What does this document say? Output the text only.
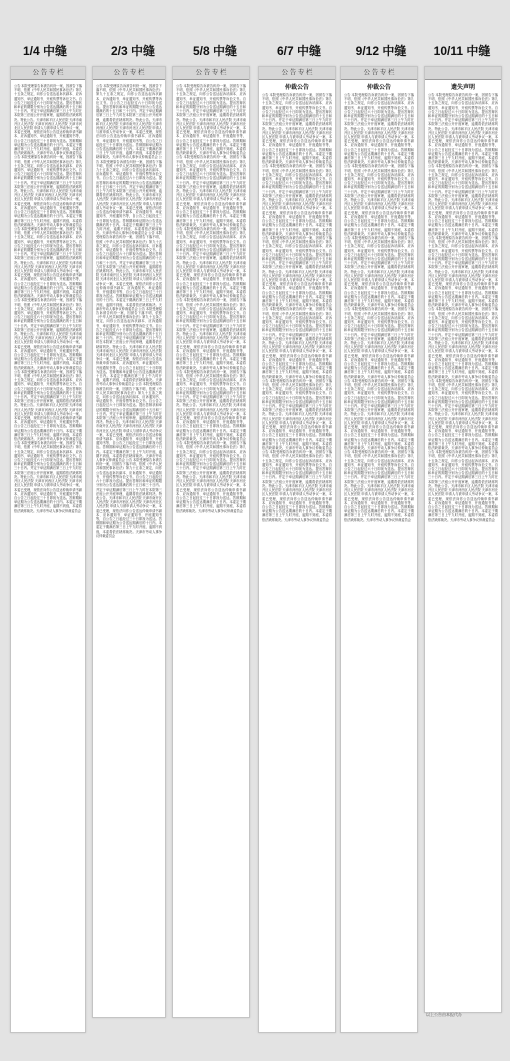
1/4 中缝	2/3 中缝	5/8 中缝	6/7 中缝	9/12 中缝	10/11 中缝
公 告 专 栏
公告 本院受理原告诉被告纠纷一案，因被告下落不明，依照《中华人民共和国民事诉讼法》第九十五条之规定，向你公告送达起诉状副本、应诉通知书、举证通知书、开庭传票等诉讼文书。自公告之日起经过六十日即视为送达。提出答辩状和举证的期限分别为公告送达期满后的十五日和三十日内。并定于举证期满后第三日上午九时在本院第三法庭公开开庭审理，逾期将依法缺席判决。特此公告。天津市和平区人民法院 天津市南开区人民法院 天津市河西区人民法院 天津市河北区人民法院 申请人与被申请人劳动争议一案，本委已受理，现依法向你公告送达仲裁申请书副本、应诉通知书、举证通知书、开庭通知书等，自公告之日起经过三十日即视为送达。答辩期和举证期为公告送达期满后的十日内。本委定于期满后第三日上午九时开庭，逾期不到庭，本委将依法缺席裁决。天津市劳动人事争议仲裁委员会 公告 本院受理原告诉被告纠纷一案，因被告下落不明，依照《中华人民共和国民事诉讼法》第九十五条之规定，向你公告送达起诉状副本、应诉通知书、举证通知书、开庭传票等诉讼文书。自公告之日起经过六十日即视为送达。提出答辩状和举证的期限分别为公告送达期满后的十五日和三十日内。并定于举证期满后第三日上午九时在本院第三法庭公开开庭审理，逾期将依法缺席判决。特此公告。天津市和平区人民法院 天津市南开区人民法院 天津市河西区人民法院 天津市河北区人民法院 申请人与被申请人劳动争议一案，本委已受理，现依法向你公告送达仲裁申请书副本、应诉通知书、举证通知书、开庭通知书等，自公告之日起经过三十日即视为送达。答辩期和举证期为公告送达期满后的十日内。本委定于期满后第三日上午九时开庭，逾期不到庭，本委将依法缺席裁决。天津市劳动人事争议仲裁委员会 公告 本院受理原告诉被告纠纷一案，因被告下落不明，依照《中华人民共和国民事诉讼法》第九十五条之规定，向你公告送达起诉状副本、应诉通知书、举证通知书、开庭传票等诉讼文书。自公告之日起经过六十日即视为送达。提出答辩状和举证的期限分别为公告送达期满后的十五日和三十日内。并定于举证期满后第三日上午九时在本院第三法庭公开开庭审理，逾期将依法缺席判决。特此公告。天津市和平区人民法院 天津市南开区人民法院 天津市河西区人民法院 天津市河北区人民法院 申请人与被申请人劳动争议一案，本委已受理，现依法向你公告送达仲裁申请书副本、应诉通知书、举证通知书、开庭通知书等，自公告之日起经过三十日即视为送达。答辩期和举证期为公告送达期满后的十日内。本委定于期满后第三日上午九时开庭，逾期不到庭，本委将依法缺席裁决。天津市劳动人事争议仲裁委员会 公告 本院受理原告诉被告纠纷一案，因被告下落不明，依照《中华人民共和国民事诉讼法》第九十五条之规定，向你公告送达起诉状副本、应诉通知书、举证通知书、开庭传票等诉讼文书。自公告之日起经过六十日即视为送达。提出答辩状和举证的期限分别为公告送达期满后的十五日和三十日内。并定于举证期满后第三日上午九时在本院第三法庭公开开庭审理，逾期将依法缺席判决。特此公告。天津市和平区人民法院 天津市南开区人民法院 天津市河西区人民法院 天津市河北区人民法院 申请人与被申请人劳动争议一案，本委已受理，现依法向你公告送达仲裁申请书副本、应诉通知书、举证通知书、开庭通知书等，自公告之日起经过三十日即视为送达。答辩期和举证期为公告送达期满后的十日内。本委定于期满后第三日上午九时开庭，逾期不到庭，本委将依法缺席裁决。天津市劳动人事争议仲裁委员会 公告 本院受理原告诉被告纠纷一案，因被告下落不明，依照《中华人民共和国民事诉讼法》第九十五条之规定，向你公告送达起诉状副本、应诉通知书、举证通知书、开庭传票等诉讼文书。自公告之日起经过六十日即视为送达。提出答辩状和举证的期限分别为公告送达期满后的十五日和三十日内。并定于举证期满后第三日上午九时在本院第三法庭公开开庭审理，逾期将依法缺席判决。特此公告。天津市和平区人民法院 天津市南开区人民法院 天津市河西区人民法院 天津市河北区人民法院 申请人与被申请人劳动争议一案，本委已受理，现依法向你公告送达仲裁申请书副本、应诉通知书、举证通知书、开庭通知书等，自公告之日起经过三十日即视为送达。答辩期和举证期为公告送达期满后的十日内。本委定于期满后第三日上午九时开庭，逾期不到庭，本委将依法缺席裁决。天津市劳动人事争议仲裁委员会 公告 本院受理原告诉被告纠纷一案，因被告下落不明，依照《中华人民共和国民事诉讼法》第九十五条之规定，向你公告送达起诉状副本、应诉通知书、举证通知书、开庭传票等诉讼文书。自公告之日起经过六十日即视为送达。提出答辩状和举证的期限分别为公告送达期满后的十五日和三十日内。并定于举证期满后第三日上午九时在本院第三法庭公开开庭审理，逾期将依法缺席判决。特此公告。天津市和平区人民法院 天津市南开区人民法院 天津市河西区人民法院 天津市河北区人民法院 申请人与被申请人劳动争议一案，本委已受理，现依法向你公告送达仲裁申请书副本、应诉通知书、举证通知书、开庭通知书等，自公告之日起经过三十日即视为送达。答辩期和举证期为公告送达期满后的十日内。本委定于期满后第三日上午九时开庭，逾期不到庭，本委将依法缺席裁决。天津市劳动人事争议仲裁委员会
公 告 专 栏
公告 本院受理原告诉被告纠纷一案，因被告下落不明，依照《中华人民共和国民事诉讼法》第九十五条之规定，向你公告送达起诉状副本、应诉通知书、举证通知书、开庭传票等诉讼文书。自公告之日起经过六十日即视为送达。提出答辩状和举证的期限分别为公告送达期满后的十五日和三十日内。并定于举证期满后第三日上午九时在本院第三法庭公开开庭审理，逾期将依法缺席判决。特此公告。天津市和平区人民法院 天津市南开区人民法院 天津市河西区人民法院 天津市河北区人民法院 申请人与被申请人劳动争议一案，本委已受理，现依法向你公告送达仲裁申请书副本、应诉通知书、举证通知书、开庭通知书等，自公告之日起经过三十日即视为送达。答辩期和举证期为公告送达期满后的十日内。本委定于期满后第三日上午九时开庭，逾期不到庭，本委将依法缺席裁决。天津市劳动人事争议仲裁委员会 公告 本院受理原告诉被告纠纷一案，因被告下落不明，依照《中华人民共和国民事诉讼法》第九十五条之规定，向你公告送达起诉状副本、应诉通知书、举证通知书、开庭传票等诉讼文书。自公告之日起经过六十日即视为送达。提出答辩状和举证的期限分别为公告送达期满后的十五日和三十日内。并定于举证期满后第三日上午九时在本院第三法庭公开开庭审理，逾期将依法缺席判决。特此公告。天津市和平区人民法院 天津市南开区人民法院 天津市河西区人民法院 天津市河北区人民法院 申请人与被申请人劳动争议一案，本委已受理，现依法向你公告送达仲裁申请书副本、应诉通知书、举证通知书、开庭通知书等，自公告之日起经过三十日即视为送达。答辩期和举证期为公告送达期满后的十日内。本委定于期满后第三日上午九时开庭，逾期不到庭，本委将依法缺席裁决。天津市劳动人事争议仲裁委员会 公告 本院受理原告诉被告纠纷一案，因被告下落不明，依照《中华人民共和国民事诉讼法》第九十五条之规定，向你公告送达起诉状副本、应诉通知书、举证通知书、开庭传票等诉讼文书。自公告之日起经过六十日即视为送达。提出答辩状和举证的期限分别为公告送达期满后的十五日和三十日内。并定于举证期满后第三日上午九时在本院第三法庭公开开庭审理，逾期将依法缺席判决。特此公告。天津市和平区人民法院 天津市南开区人民法院 天津市河西区人民法院 天津市河北区人民法院 申请人与被申请人劳动争议一案，本委已受理，现依法向你公告送达仲裁申请书副本、应诉通知书、举证通知书、开庭通知书等，自公告之日起经过三十日即视为送达。答辩期和举证期为公告送达期满后的十日内。本委定于期满后第三日上午九时开庭，逾期不到庭，本委将依法缺席裁决。天津市劳动人事争议仲裁委员会 公告 本院受理原告诉被告纠纷一案，因被告下落不明，依照《中华人民共和国民事诉讼法》第九十五条之规定，向你公告送达起诉状副本、应诉通知书、举证通知书、开庭传票等诉讼文书。自公告之日起经过六十日即视为送达。提出答辩状和举证的期限分别为公告送达期满后的十五日和三十日内。并定于举证期满后第三日上午九时在本院第三法庭公开开庭审理，逾期将依法缺席判决。特此公告。天津市和平区人民法院 天津市南开区人民法院 天津市河西区人民法院 天津市河北区人民法院 申请人与被申请人劳动争议一案，本委已受理，现依法向你公告送达仲裁申请书副本、应诉通知书、举证通知书、开庭通知书等，自公告之日起经过三十日即视为送达。答辩期和举证期为公告送达期满后的十日内。本委定于期满后第三日上午九时开庭，逾期不到庭，本委将依法缺席裁决。天津市劳动人事争议仲裁委员会 公告 本院受理原告诉被告纠纷一案，因被告下落不明，依照《中华人民共和国民事诉讼法》第九十五条之规定，向你公告送达起诉状副本、应诉通知书、举证通知书、开庭传票等诉讼文书。自公告之日起经过六十日即视为送达。提出答辩状和举证的期限分别为公告送达期满后的十五日和三十日内。并定于举证期满后第三日上午九时在本院第三法庭公开开庭审理，逾期将依法缺席判决。特此公告。天津市和平区人民法院 天津市南开区人民法院 天津市河西区人民法院 天津市河北区人民法院 申请人与被申请人劳动争议一案，本委已受理，现依法向你公告送达仲裁申请书副本、应诉通知书、举证通知书、开庭通知书等，自公告之日起经过三十日即视为送达。答辩期和举证期为公告送达期满后的十日内。本委定于期满后第三日上午九时开庭，逾期不到庭，本委将依法缺席裁决。天津市劳动人事争议仲裁委员会 公告 本院受理原告诉被告纠纷一案，因被告下落不明，依照《中华人民共和国民事诉讼法》第九十五条之规定，向你公告送达起诉状副本、应诉通知书、举证通知书、开庭传票等诉讼文书。自公告之日起经过六十日即视为送达。提出答辩状和举证的期限分别为公告送达期满后的十五日和三十日内。并定于举证期满后第三日上午九时在本院第三法庭公开开庭审理，逾期将依法缺席判决。特此公告。天津市和平区人民法院 天津市南开区人民法院 天津市河西区人民法院 天津市河北区人民法院 申请人与被申请人劳动争议一案，本委已受理，现依法向你公告送达仲裁申请书副本、应诉通知书、举证通知书、开庭通知书等，自公告之日起经过三十日即视为送达。答辩期和举证期为公告送达期满后的十日内。本委定于期满后第三日上午九时开庭，逾期不到庭，本委将依法缺席裁决。天津市劳动人事争议仲裁委员会
公 告 专 栏
公告 本院受理原告诉被告纠纷一案，因被告下落不明，依照《中华人民共和国民事诉讼法》第九十五条之规定，向你公告送达起诉状副本、应诉通知书、举证通知书、开庭传票等诉讼文书。自公告之日起经过六十日即视为送达。提出答辩状和举证的期限分别为公告送达期满后的十五日和三十日内。并定于举证期满后第三日上午九时在本院第三法庭公开开庭审理，逾期将依法缺席判决。特此公告。天津市和平区人民法院 天津市南开区人民法院 天津市河西区人民法院 天津市河北区人民法院 申请人与被申请人劳动争议一案，本委已受理，现依法向你公告送达仲裁申请书副本、应诉通知书、举证通知书、开庭通知书等，自公告之日起经过三十日即视为送达。答辩期和举证期为公告送达期满后的十日内。本委定于期满后第三日上午九时开庭，逾期不到庭，本委将依法缺席裁决。天津市劳动人事争议仲裁委员会 公告 本院受理原告诉被告纠纷一案，因被告下落不明，依照《中华人民共和国民事诉讼法》第九十五条之规定，向你公告送达起诉状副本、应诉通知书、举证通知书、开庭传票等诉讼文书。自公告之日起经过六十日即视为送达。提出答辩状和举证的期限分别为公告送达期满后的十五日和三十日内。并定于举证期满后第三日上午九时在本院第三法庭公开开庭审理，逾期将依法缺席判决。特此公告。天津市和平区人民法院 天津市南开区人民法院 天津市河西区人民法院 天津市河北区人民法院 申请人与被申请人劳动争议一案，本委已受理，现依法向你公告送达仲裁申请书副本、应诉通知书、举证通知书、开庭通知书等，自公告之日起经过三十日即视为送达。答辩期和举证期为公告送达期满后的十日内。本委定于期满后第三日上午九时开庭，逾期不到庭，本委将依法缺席裁决。天津市劳动人事争议仲裁委员会 公告 本院受理原告诉被告纠纷一案，因被告下落不明，依照《中华人民共和国民事诉讼法》第九十五条之规定，向你公告送达起诉状副本、应诉通知书、举证通知书、开庭传票等诉讼文书。自公告之日起经过六十日即视为送达。提出答辩状和举证的期限分别为公告送达期满后的十五日和三十日内。并定于举证期满后第三日上午九时在本院第三法庭公开开庭审理，逾期将依法缺席判决。特此公告。天津市和平区人民法院 天津市南开区人民法院 天津市河西区人民法院 天津市河北区人民法院 申请人与被申请人劳动争议一案，本委已受理，现依法向你公告送达仲裁申请书副本、应诉通知书、举证通知书、开庭通知书等，自公告之日起经过三十日即视为送达。答辩期和举证期为公告送达期满后的十日内。本委定于期满后第三日上午九时开庭，逾期不到庭，本委将依法缺席裁决。天津市劳动人事争议仲裁委员会 公告 本院受理原告诉被告纠纷一案，因被告下落不明，依照《中华人民共和国民事诉讼法》第九十五条之规定，向你公告送达起诉状副本、应诉通知书、举证通知书、开庭传票等诉讼文书。自公告之日起经过六十日即视为送达。提出答辩状和举证的期限分别为公告送达期满后的十五日和三十日内。并定于举证期满后第三日上午九时在本院第三法庭公开开庭审理，逾期将依法缺席判决。特此公告。天津市和平区人民法院 天津市南开区人民法院 天津市河西区人民法院 天津市河北区人民法院 申请人与被申请人劳动争议一案，本委已受理，现依法向你公告送达仲裁申请书副本、应诉通知书、举证通知书、开庭通知书等，自公告之日起经过三十日即视为送达。答辩期和举证期为公告送达期满后的十日内。本委定于期满后第三日上午九时开庭，逾期不到庭，本委将依法缺席裁决。天津市劳动人事争议仲裁委员会 公告 本院受理原告诉被告纠纷一案，因被告下落不明，依照《中华人民共和国民事诉讼法》第九十五条之规定，向你公告送达起诉状副本、应诉通知书、举证通知书、开庭传票等诉讼文书。自公告之日起经过六十日即视为送达。提出答辩状和举证的期限分别为公告送达期满后的十五日和三十日内。并定于举证期满后第三日上午九时在本院第三法庭公开开庭审理，逾期将依法缺席判决。特此公告。天津市和平区人民法院 天津市南开区人民法院 天津市河西区人民法院 天津市河北区人民法院 申请人与被申请人劳动争议一案，本委已受理，现依法向你公告送达仲裁申请书副本、应诉通知书、举证通知书、开庭通知书等，自公告之日起经过三十日即视为送达。答辩期和举证期为公告送达期满后的十日内。本委定于期满后第三日上午九时开庭，逾期不到庭，本委将依法缺席裁决。天津市劳动人事争议仲裁委员会 公告 本院受理原告诉被告纠纷一案，因被告下落不明，依照《中华人民共和国民事诉讼法》第九十五条之规定，向你公告送达起诉状副本、应诉通知书、举证通知书、开庭传票等诉讼文书。自公告之日起经过六十日即视为送达。提出答辩状和举证的期限分别为公告送达期满后的十五日和三十日内。并定于举证期满后第三日上午九时在本院第三法庭公开开庭审理，逾期将依法缺席判决。特此公告。天津市和平区人民法院 天津市南开区人民法院 天津市河西区人民法院 天津市河北区人民法院 申请人与被申请人劳动争议一案，本委已受理，现依法向你公告送达仲裁申请书副本、应诉通知书、举证通知书、开庭通知书等，自公告之日起经过三十日即视为送达。答辩期和举证期为公告送达期满后的十日内。本委定于期满后第三日上午九时开庭，逾期不到庭，本委将依法缺席裁决。天津市劳动人事争议仲裁委员会
公 告 专 栏
仲裁公告
公告 本院受理原告诉被告纠纷一案，因被告下落不明，依照《中华人民共和国民事诉讼法》第九十五条之规定，向你公告送达起诉状副本、应诉通知书、举证通知书、开庭传票等诉讼文书。自公告之日起经过六十日即视为送达。提出答辩状和举证的期限分别为公告送达期满后的十五日和三十日内。并定于举证期满后第三日上午九时在本院第三法庭公开开庭审理，逾期将依法缺席判决。特此公告。天津市和平区人民法院 天津市南开区人民法院 天津市河西区人民法院 天津市河北区人民法院 申请人与被申请人劳动争议一案，本委已受理，现依法向你公告送达仲裁申请书副本、应诉通知书、举证通知书、开庭通知书等，自公告之日起经过三十日即视为送达。答辩期和举证期为公告送达期满后的十日内。本委定于期满后第三日上午九时开庭，逾期不到庭，本委将依法缺席裁决。天津市劳动人事争议仲裁委员会 公告 本院受理原告诉被告纠纷一案，因被告下落不明，依照《中华人民共和国民事诉讼法》第九十五条之规定，向你公告送达起诉状副本、应诉通知书、举证通知书、开庭传票等诉讼文书。自公告之日起经过六十日即视为送达。提出答辩状和举证的期限分别为公告送达期满后的十五日和三十日内。并定于举证期满后第三日上午九时在本院第三法庭公开开庭审理，逾期将依法缺席判决。特此公告。天津市和平区人民法院 天津市南开区人民法院 天津市河西区人民法院 天津市河北区人民法院 申请人与被申请人劳动争议一案，本委已受理，现依法向你公告送达仲裁申请书副本、应诉通知书、举证通知书、开庭通知书等，自公告之日起经过三十日即视为送达。答辩期和举证期为公告送达期满后的十日内。本委定于期满后第三日上午九时开庭，逾期不到庭，本委将依法缺席裁决。天津市劳动人事争议仲裁委员会 公告 本院受理原告诉被告纠纷一案，因被告下落不明，依照《中华人民共和国民事诉讼法》第九十五条之规定，向你公告送达起诉状副本、应诉通知书、举证通知书、开庭传票等诉讼文书。自公告之日起经过六十日即视为送达。提出答辩状和举证的期限分别为公告送达期满后的十五日和三十日内。并定于举证期满后第三日上午九时在本院第三法庭公开开庭审理，逾期将依法缺席判决。特此公告。天津市和平区人民法院 天津市南开区人民法院 天津市河西区人民法院 天津市河北区人民法院 申请人与被申请人劳动争议一案，本委已受理，现依法向你公告送达仲裁申请书副本、应诉通知书、举证通知书、开庭通知书等，自公告之日起经过三十日即视为送达。答辩期和举证期为公告送达期满后的十日内。本委定于期满后第三日上午九时开庭，逾期不到庭，本委将依法缺席裁决。天津市劳动人事争议仲裁委员会 公告 本院受理原告诉被告纠纷一案，因被告下落不明，依照《中华人民共和国民事诉讼法》第九十五条之规定，向你公告送达起诉状副本、应诉通知书、举证通知书、开庭传票等诉讼文书。自公告之日起经过六十日即视为送达。提出答辩状和举证的期限分别为公告送达期满后的十五日和三十日内。并定于举证期满后第三日上午九时在本院第三法庭公开开庭审理，逾期将依法缺席判决。特此公告。天津市和平区人民法院 天津市南开区人民法院 天津市河西区人民法院 天津市河北区人民法院 申请人与被申请人劳动争议一案，本委已受理，现依法向你公告送达仲裁申请书副本、应诉通知书、举证通知书、开庭通知书等，自公告之日起经过三十日即视为送达。答辩期和举证期为公告送达期满后的十日内。本委定于期满后第三日上午九时开庭，逾期不到庭，本委将依法缺席裁决。天津市劳动人事争议仲裁委员会 公告 本院受理原告诉被告纠纷一案，因被告下落不明，依照《中华人民共和国民事诉讼法》第九十五条之规定，向你公告送达起诉状副本、应诉通知书、举证通知书、开庭传票等诉讼文书。自公告之日起经过六十日即视为送达。提出答辩状和举证的期限分别为公告送达期满后的十五日和三十日内。并定于举证期满后第三日上午九时在本院第三法庭公开开庭审理，逾期将依法缺席判决。特此公告。天津市和平区人民法院 天津市南开区人民法院 天津市河西区人民法院 天津市河北区人民法院 申请人与被申请人劳动争议一案，本委已受理，现依法向你公告送达仲裁申请书副本、应诉通知书、举证通知书、开庭通知书等，自公告之日起经过三十日即视为送达。答辩期和举证期为公告送达期满后的十日内。本委定于期满后第三日上午九时开庭，逾期不到庭，本委将依法缺席裁决。天津市劳动人事争议仲裁委员会 公告 本院受理原告诉被告纠纷一案，因被告下落不明，依照《中华人民共和国民事诉讼法》第九十五条之规定，向你公告送达起诉状副本、应诉通知书、举证通知书、开庭传票等诉讼文书。自公告之日起经过六十日即视为送达。提出答辩状和举证的期限分别为公告送达期满后的十五日和三十日内。并定于举证期满后第三日上午九时在本院第三法庭公开开庭审理，逾期将依法缺席判决。特此公告。天津市和平区人民法院 天津市南开区人民法院 天津市河西区人民法院 天津市河北区人民法院 申请人与被申请人劳动争议一案，本委已受理，现依法向你公告送达仲裁申请书副本、应诉通知书、举证通知书、开庭通知书等，自公告之日起经过三十日即视为送达。答辩期和举证期为公告送达期满后的十日内。本委定于期满后第三日上午九时开庭，逾期不到庭，本委将依法缺席裁决。天津市劳动人事争议仲裁委员会
公 告 专 栏
仲裁公告
公告 本院受理原告诉被告纠纷一案，因被告下落不明，依照《中华人民共和国民事诉讼法》第九十五条之规定，向你公告送达起诉状副本、应诉通知书、举证通知书、开庭传票等诉讼文书。自公告之日起经过六十日即视为送达。提出答辩状和举证的期限分别为公告送达期满后的十五日和三十日内。并定于举证期满后第三日上午九时在本院第三法庭公开开庭审理，逾期将依法缺席判决。特此公告。天津市和平区人民法院 天津市南开区人民法院 天津市河西区人民法院 天津市河北区人民法院 申请人与被申请人劳动争议一案，本委已受理，现依法向你公告送达仲裁申请书副本、应诉通知书、举证通知书、开庭通知书等，自公告之日起经过三十日即视为送达。答辩期和举证期为公告送达期满后的十日内。本委定于期满后第三日上午九时开庭，逾期不到庭，本委将依法缺席裁决。天津市劳动人事争议仲裁委员会 公告 本院受理原告诉被告纠纷一案，因被告下落不明，依照《中华人民共和国民事诉讼法》第九十五条之规定，向你公告送达起诉状副本、应诉通知书、举证通知书、开庭传票等诉讼文书。自公告之日起经过六十日即视为送达。提出答辩状和举证的期限分别为公告送达期满后的十五日和三十日内。并定于举证期满后第三日上午九时在本院第三法庭公开开庭审理，逾期将依法缺席判决。特此公告。天津市和平区人民法院 天津市南开区人民法院 天津市河西区人民法院 天津市河北区人民法院 申请人与被申请人劳动争议一案，本委已受理，现依法向你公告送达仲裁申请书副本、应诉通知书、举证通知书、开庭通知书等，自公告之日起经过三十日即视为送达。答辩期和举证期为公告送达期满后的十日内。本委定于期满后第三日上午九时开庭，逾期不到庭，本委将依法缺席裁决。天津市劳动人事争议仲裁委员会 公告 本院受理原告诉被告纠纷一案，因被告下落不明，依照《中华人民共和国民事诉讼法》第九十五条之规定，向你公告送达起诉状副本、应诉通知书、举证通知书、开庭传票等诉讼文书。自公告之日起经过六十日即视为送达。提出答辩状和举证的期限分别为公告送达期满后的十五日和三十日内。并定于举证期满后第三日上午九时在本院第三法庭公开开庭审理，逾期将依法缺席判决。特此公告。天津市和平区人民法院 天津市南开区人民法院 天津市河西区人民法院 天津市河北区人民法院 申请人与被申请人劳动争议一案，本委已受理，现依法向你公告送达仲裁申请书副本、应诉通知书、举证通知书、开庭通知书等，自公告之日起经过三十日即视为送达。答辩期和举证期为公告送达期满后的十日内。本委定于期满后第三日上午九时开庭，逾期不到庭，本委将依法缺席裁决。天津市劳动人事争议仲裁委员会 公告 本院受理原告诉被告纠纷一案，因被告下落不明，依照《中华人民共和国民事诉讼法》第九十五条之规定，向你公告送达起诉状副本、应诉通知书、举证通知书、开庭传票等诉讼文书。自公告之日起经过六十日即视为送达。提出答辩状和举证的期限分别为公告送达期满后的十五日和三十日内。并定于举证期满后第三日上午九时在本院第三法庭公开开庭审理，逾期将依法缺席判决。特此公告。天津市和平区人民法院 天津市南开区人民法院 天津市河西区人民法院 天津市河北区人民法院 申请人与被申请人劳动争议一案，本委已受理，现依法向你公告送达仲裁申请书副本、应诉通知书、举证通知书、开庭通知书等，自公告之日起经过三十日即视为送达。答辩期和举证期为公告送达期满后的十日内。本委定于期满后第三日上午九时开庭，逾期不到庭，本委将依法缺席裁决。天津市劳动人事争议仲裁委员会 公告 本院受理原告诉被告纠纷一案，因被告下落不明，依照《中华人民共和国民事诉讼法》第九十五条之规定，向你公告送达起诉状副本、应诉通知书、举证通知书、开庭传票等诉讼文书。自公告之日起经过六十日即视为送达。提出答辩状和举证的期限分别为公告送达期满后的十五日和三十日内。并定于举证期满后第三日上午九时在本院第三法庭公开开庭审理，逾期将依法缺席判决。特此公告。天津市和平区人民法院 天津市南开区人民法院 天津市河西区人民法院 天津市河北区人民法院 申请人与被申请人劳动争议一案，本委已受理，现依法向你公告送达仲裁申请书副本、应诉通知书、举证通知书、开庭通知书等，自公告之日起经过三十日即视为送达。答辩期和举证期为公告送达期满后的十日内。本委定于期满后第三日上午九时开庭，逾期不到庭，本委将依法缺席裁决。天津市劳动人事争议仲裁委员会 公告 本院受理原告诉被告纠纷一案，因被告下落不明，依照《中华人民共和国民事诉讼法》第九十五条之规定，向你公告送达起诉状副本、应诉通知书、举证通知书、开庭传票等诉讼文书。自公告之日起经过六十日即视为送达。提出答辩状和举证的期限分别为公告送达期满后的十五日和三十日内。并定于举证期满后第三日上午九时在本院第三法庭公开开庭审理，逾期将依法缺席判决。特此公告。天津市和平区人民法院 天津市南开区人民法院 天津市河西区人民法院 天津市河北区人民法院 申请人与被申请人劳动争议一案，本委已受理，现依法向你公告送达仲裁申请书副本、应诉通知书、举证通知书、开庭通知书等，自公告之日起经过三十日即视为送达。答辩期和举证期为公告送达期满后的十日内。本委定于期满后第三日上午九时开庭，逾期不到庭，本委将依法缺席裁决。天津市劳动人事争议仲裁委员会
遗失声明
公告 本院受理原告诉被告纠纷一案，因被告下落不明，依照《中华人民共和国民事诉讼法》第九十五条之规定，向你公告送达起诉状副本、应诉通知书、举证通知书、开庭传票等诉讼文书。自公告之日起经过六十日即视为送达。提出答辩状和举证的期限分别为公告送达期满后的十五日和三十日内。并定于举证期满后第三日上午九时在本院第三法庭公开开庭审理，逾期将依法缺席判决。特此公告。天津市和平区人民法院 天津市南开区人民法院 天津市河西区人民法院 天津市河北区人民法院 申请人与被申请人劳动争议一案，本委已受理，现依法向你公告送达仲裁申请书副本、应诉通知书、举证通知书、开庭通知书等，自公告之日起经过三十日即视为送达。答辩期和举证期为公告送达期满后的十日内。本委定于期满后第三日上午九时开庭，逾期不到庭，本委将依法缺席裁决。天津市劳动人事争议仲裁委员会 公告 本院受理原告诉被告纠纷一案，因被告下落不明，依照《中华人民共和国民事诉讼法》第九十五条之规定，向你公告送达起诉状副本、应诉通知书、举证通知书、开庭传票等诉讼文书。自公告之日起经过六十日即视为送达。提出答辩状和举证的期限分别为公告送达期满后的十五日和三十日内。并定于举证期满后第三日上午九时在本院第三法庭公开开庭审理，逾期将依法缺席判决。特此公告。天津市和平区人民法院 天津市南开区人民法院 天津市河西区人民法院 天津市河北区人民法院 申请人与被申请人劳动争议一案，本委已受理，现依法向你公告送达仲裁申请书副本、应诉通知书、举证通知书、开庭通知书等，自公告之日起经过三十日即视为送达。答辩期和举证期为公告送达期满后的十日内。本委定于期满后第三日上午九时开庭，逾期不到庭，本委将依法缺席裁决。天津市劳动人事争议仲裁委员会 公告 本院受理原告诉被告纠纷一案，因被告下落不明，依照《中华人民共和国民事诉讼法》第九十五条之规定，向你公告送达起诉状副本、应诉通知书、举证通知书、开庭传票等诉讼文书。自公告之日起经过六十日即视为送达。提出答辩状和举证的期限分别为公告送达期满后的十五日和三十日内。并定于举证期满后第三日上午九时在本院第三法庭公开开庭审理，逾期将依法缺席判决。特此公告。天津市和平区人民法院 天津市南开区人民法院 天津市河西区人民法院 天津市河北区人民法院 申请人与被申请人劳动争议一案，本委已受理，现依法向你公告送达仲裁申请书副本、应诉通知书、举证通知书、开庭通知书等，自公告之日起经过三十日即视为送达。答辩期和举证期为公告送达期满后的十日内。本委定于期满后第三日上午九时开庭，逾期不到庭，本委将依法缺席裁决。天津市劳动人事争议仲裁委员会 公告 本院受理原告诉被告纠纷一案，因被告下落不明，依照《中华人民共和国民事诉讼法》第九十五条之规定，向你公告送达起诉状副本、应诉通知书、举证通知书、开庭传票等诉讼文书。自公告之日起经过六十日即视为送达。提出答辩状和举证的期限分别为公告送达期满后的十五日和三十日内。并定于举证期满后第三日上午九时在本院第三法庭公开开庭审理，逾期将依法缺席判决。特此公告。天津市和平区人民法院 天津市南开区人民法院 天津市河西区人民法院 天津市河北区人民法院 申请人与被申请人劳动争议一案，本委已受理，现依法向你公告送达仲裁申请书副本、应诉通知书、举证通知书、开庭通知书等，自公告之日起经过三十日即视为送达。答辩期和举证期为公告送达期满后的十日内。本委定于期满后第三日上午九时开庭，逾期不到庭，本委将依法缺席裁决。天津市劳动人事争议仲裁委员会 公告 本院受理原告诉被告纠纷一案，因被告下落不明，依照《中华人民共和国民事诉讼法》第九十五条之规定，向你公告送达起诉状副本、应诉通知书、举证通知书、开庭传票等诉讼文书。自公告之日起经过六十日即视为送达。提出答辩状和举证的期限分别为公告送达期满后的十五日和三十日内。并定于举证期满后第三日上午九时在本院第三法庭公开开庭审理，逾期将依法缺席判决。特此公告。天津市和平区人民法院 天津市南开区人民法院 天津市河西区人民法院 天津市河北区人民法院 申请人与被申请人劳动争议一案，本委已受理，现依法向你公告送达仲裁申请书副本、应诉通知书、举证通知书、开庭通知书等，自公告之日起经过三十日即视为送达。答辩期和举证期为公告送达期满后的十日内。本委定于期满后第三日上午九时开庭，逾期不到庭，本委将依法缺席裁决。天津市劳动人事争议仲裁委员会 公告 本院受理原告诉被告纠纷一案，因被告下落不明，依照《中华人民共和国民事诉讼法》第九十五条之规定，向你公告送达起诉状副本、应诉通知书、举证通知书、开庭传票等诉讼文书。自公告之日起经过六十日即视为送达。提出答辩状和举证的期限分别为公告送达期满后的十五日和三十日内。并定于举证期满后第三日上午九时在本院第三法庭公开开庭审理，逾期将依法缺席判决。特此公告。天津市和平区人民法院 天津市南开区人民法院 天津市河西区人民法院 天津市河北区人民法院 申请人与被申请人劳动争议一案，本委已受理，现依法向你公告送达仲裁申请书副本、应诉通知书、举证通知书、开庭通知书等，自公告之日起经过三十日即视为送达。答辩期和举证期为公告送达期满后的十日内。本委定于期满后第三日上午九时开庭，逾期不到庭，本委将依法缺席裁决。天津市劳动人事争议仲裁委员会
以上公告由本报代办
